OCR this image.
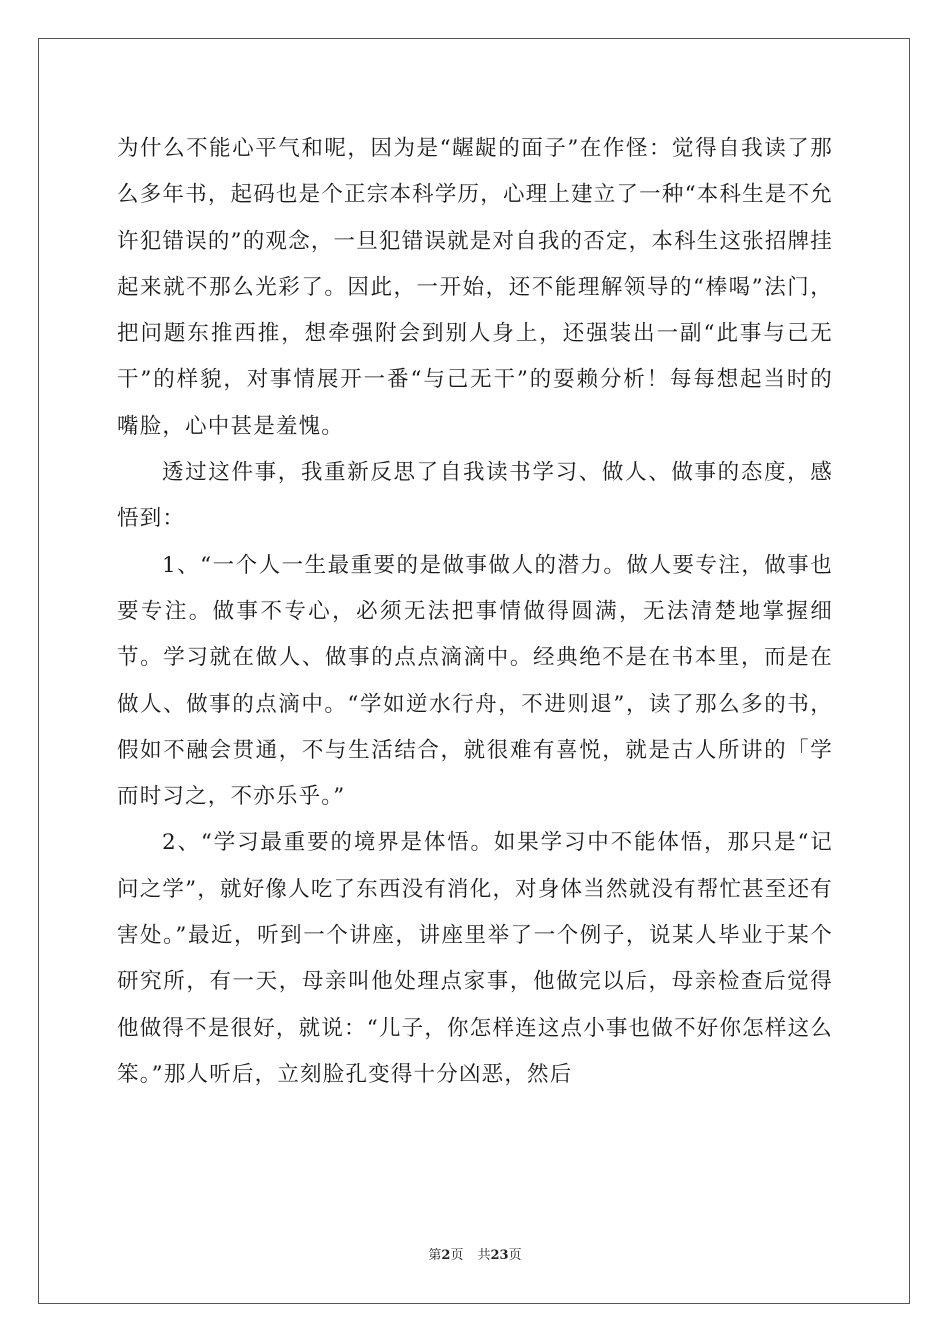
为什么不能心平气和呢，因为是“龌龊的面子”在作怪：觉得自我读了那么多年书，起码也是个正宗本科学历，心理上建立了一种“本科生是不允许犯错误的”的观念，一旦犯错误就是对自我的否定，本科生这张招牌挂起来就不那么光彩了。因此，一开始，还不能理解领导的“棒喝”法门，把问题东推西推，想牵强附会到别人身上，还强装出一副“此事与己无干”的样貌，对事情展开一番“与己无干”的耍赖分析！每每想起当时的嘴脸，心中甚是羞愧。

透过这件事，我重新反思了自我读书学习、做人、做事的态度，感悟到：

1、“一个人一生最重要的是做事做人的潜力。做人要专注，做事也要专注。做事不专心，必须无法把事情做得圆满，无法清楚地掌握细节。学习就在做人、做事的点点滴滴中。经典绝不是在书本里，而是在做人、做事的点滴中。“学如逆水行舟，不进则退”，读了那么多的书，假如不融会贯通，不与生活结合，就很难有喜悦，就是古人所讲的「学而时习之，不亦乐乎。”

2、“学习最重要的境界是体悟。如果学习中不能体悟，那只是“记问之学”，就好像人吃了东西没有消化，对身体当然就没有帮忙甚至还有害处。”最近，听到一个讲座，讲座里举了一个例子，说某人毕业于某个研究所，有一天，母亲叫他处理点家事，他做完以后，母亲检查后觉得他做得不是很好，就说：“儿子，你怎样连这点小事也做不好你怎样这么笨。”那人听后，立刻脸孔变得十分凶恶，然后

第2页 共23页
